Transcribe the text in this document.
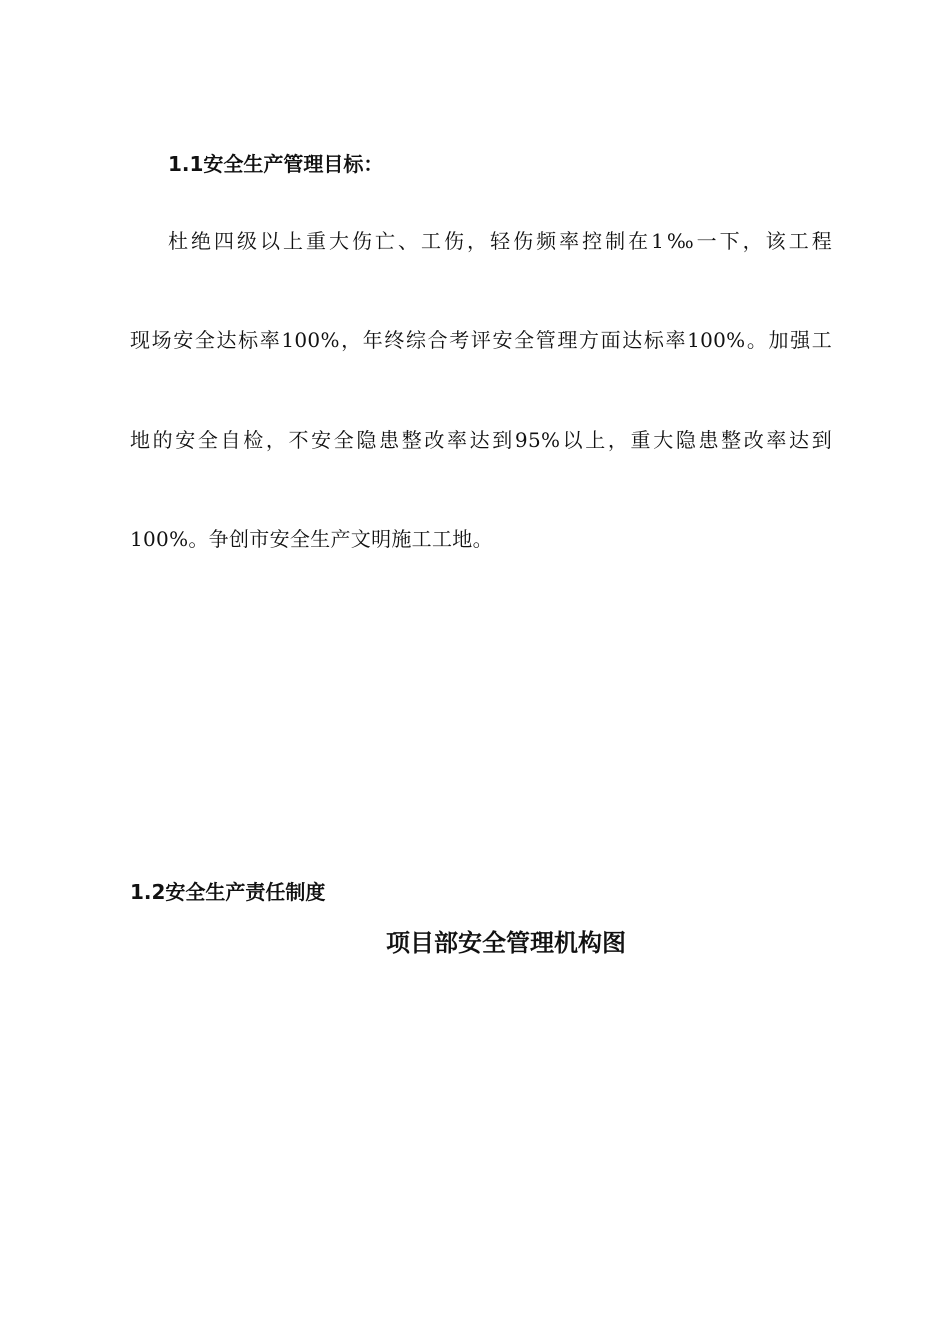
1.1安全生产管理目标：
杜绝四级以上重大伤亡、工伤，轻伤频率控制在1‰一下，该工程
现场安全达标率100%，年终综合考评安全管理方面达标率100%。加强工
地的安全自检，不安全隐患整改率达到95%以上，重大隐患整改率达到
100%。争创市安全生产文明施工工地。
1.2安全生产责任制度
项目部安全管理机构图
